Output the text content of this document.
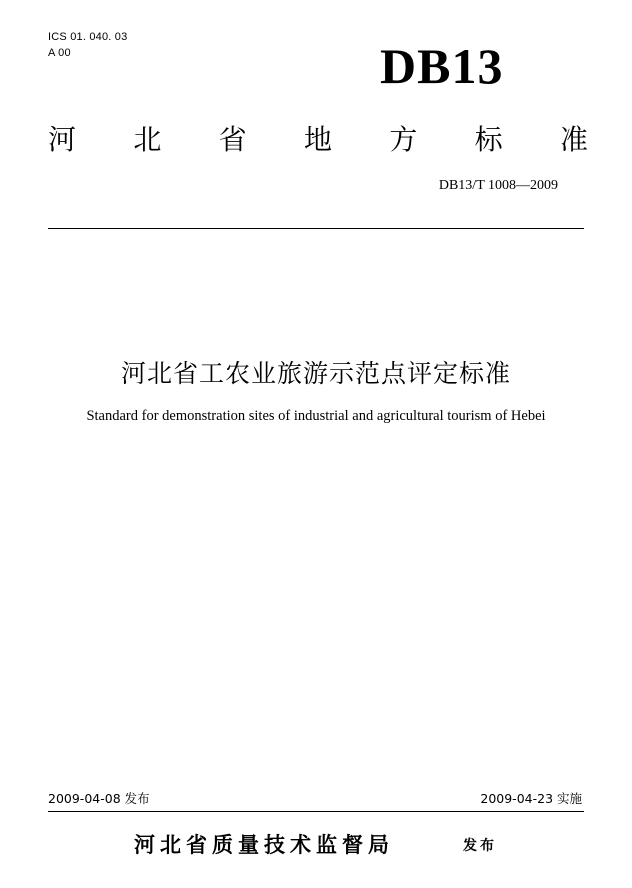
ICS 01. 040. 03
A 00	DB13
河 北 省 地 方 标 准
DB13/T 1008—2009
河北省工农业旅游示范点评定标准
Standard for demonstration sites of industrial and agricultural tourism of Hebei
2009-04-08 发布	2009-04-23 实施
河北省质量技术监督局	发布
